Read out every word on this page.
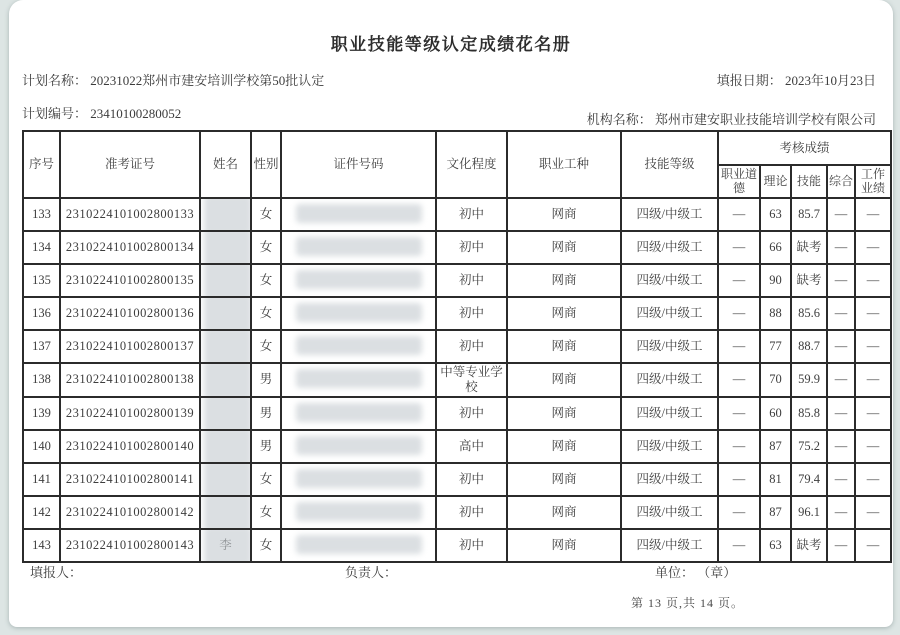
职业技能等级认定成绩花名册
计划名称： 20231022郑州市建安培训学校第50批认定	填报日期： 2023年10月23日
计划编号： 23410100280052	机构名称： 郑州市建安职业技能培训学校有限公司
序号	准考证号	姓名	性别	证件号码	文化程度	职业工种	技能等级	考核成绩				
								职业道德	理论	技能	综合	工作业绩
133	2310224101002800133		女		初中	网商	四级/中级工	—	63	85.7	—	—
134	2310224101002800134		女		初中	网商	四级/中级工	—	66	缺考	—	—
135	2310224101002800135		女		初中	网商	四级/中级工	—	90	缺考	—	—
136	2310224101002800136		女		初中	网商	四级/中级工	—	88	85.6	—	—
137	2310224101002800137		女		初中	网商	四级/中级工	—	77	88.7	—	—
138	2310224101002800138		男		中等专业学校	网商	四级/中级工	—	70	59.9	—	—
139	2310224101002800139		男		初中	网商	四级/中级工	—	60	85.8	—	—
140	2310224101002800140		男		高中	网商	四级/中级工	—	87	75.2	—	—
141	2310224101002800141		女		初中	网商	四级/中级工	—	81	79.4	—	—
142	2310224101002800142		女		初中	网商	四级/中级工	—	87	96.1	—	—
143	2310224101002800143		女		初中	网商	四级/中级工	—	63	缺考	—	—
填报人：	负责人：	单位： （章）
第 13 页,共 14 页。
